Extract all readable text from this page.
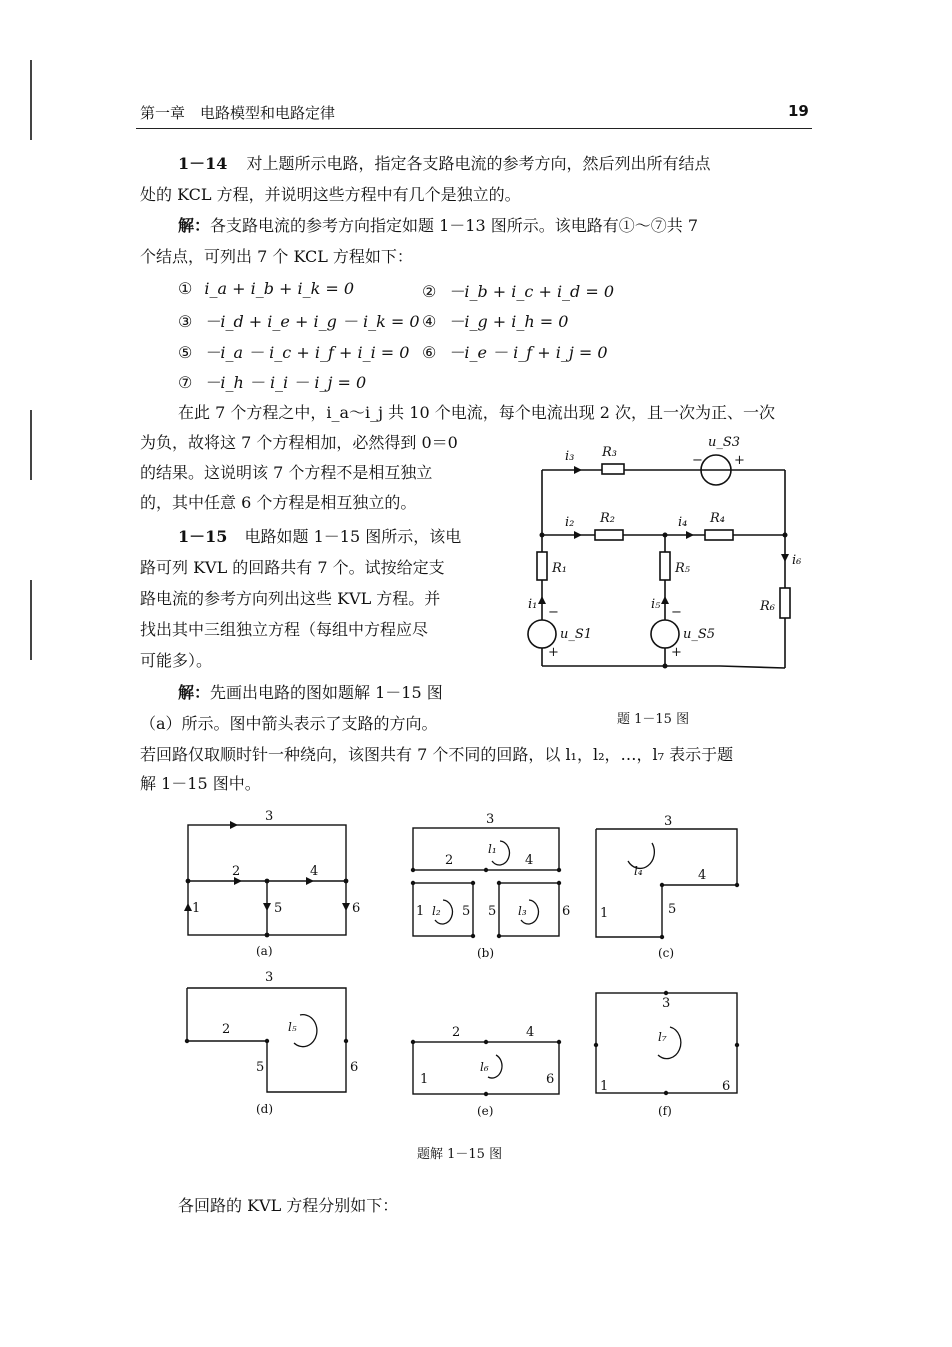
第一章　电路模型和电路定律	19
1－14 对上题所示电路，指定各支路电流的参考方向，然后列出所有结点
处的 KCL 方程，并说明这些方程中有几个是独立的。
解：各支路电流的参考方向指定如题 1－13 图所示。该电路有①～⑦共 7
个结点，可列出 7 个 KCL 方程如下：
① i_a + i_b + i_k = 0	② －i_b + i_c + i_d = 0
③ －i_d + i_e + i_g － i_k = 0 ④ －i_g + i_h = 0
⑤ －i_a － i_c + i_f + i_i = 0 ⑥ －i_e － i_f + i_j = 0
⑦ －i_h － i_i － i_j = 0
在此 7 个方程之中，i_a～i_j 共 10 个电流，每个电流出现 2 次，且一次为正、一次
为负，故将这 7 个方程相加，必然得到 0＝0
的结果。这说明该 7 个方程不是相互独立
的，其中任意 6 个方程是相互独立的。
1－15 电路如题 1－15 图所示，该电
路可列 KVL 的回路共有 7 个。试按给定支
路电流的参考方向列出这些 KVL 方程。并
找出其中三组独立方程（每组中方程应尽
可能多）。
解：先画出电路的图如题解 1－15 图
（a）所示。图中箭头表示了支路的方向。
若回路仅取顺时针一种绕向，该图共有 7 个不同的回路，以 l₁，l₂，…，l₇ 表示于题
解 1－15 图中。
i₃ R₃
u_S3
− +
i₂ R₂	i₄ R₄
R₁	R₅
i₆
R₆
i₁
−
u_S1
+
i₅
−
u_S5
+
题 1－15 图
3
2	4
1	5	6
3
2	4
1	5 5	6
3
4
1	5
3
2
5	6
2	4
1	6
3
1	6
l₁
l₂	l₃
l₄
l₅
l₆
l₇
(a)	(b)	(c)
(d)	(e)	(f)
题解 1－15 图
各回路的 KVL 方程分别如下：
